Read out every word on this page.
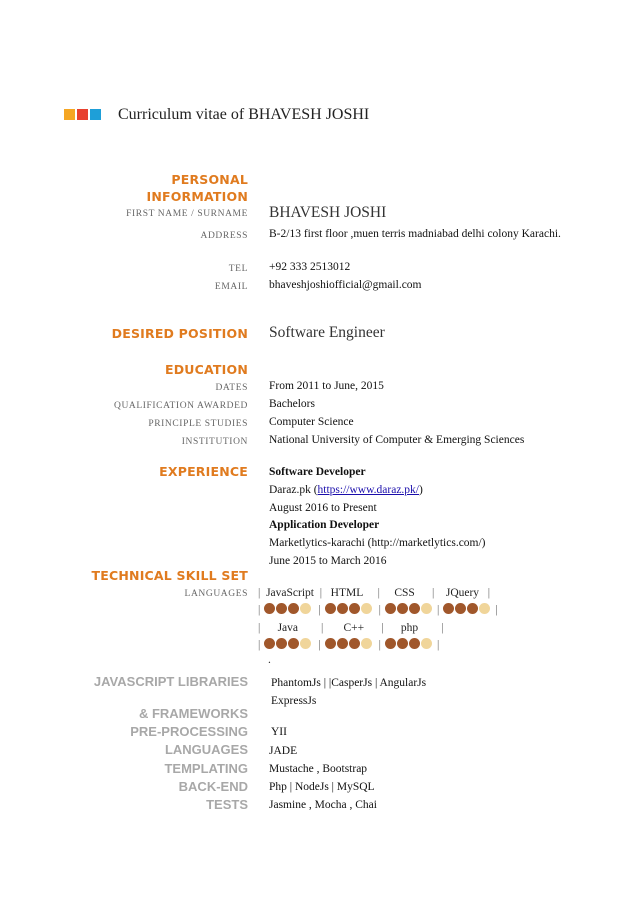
Curriculum vitae of BHAVESH JOSHI
PERSONAL
INFORMATION
FIRST NAME / SURNAME BHAVESH JOSHI
ADDRESS B-2/13 first floor ,muen terris madniabad delhi colony Karachi.
TEL +92 333 2513012
EMAIL bhaveshjoshiofficial@gmail.com
DESIRED POSITION Software Engineer
EDUCATION
DATES From 2011 to June, 2015
QUALIFICATION AWARDED Bachelors
PRINCIPLE STUDIES Computer Science
INSTITUTION National University of Computer & Emerging Sciences
EXPERIENCE Software Developer
Daraz.pk (https://www.daraz.pk/)
August 2016 to Present
Application Developer
Marketlytics-karachi (http://marketlytics.com/)
June 2015 to March 2016
TECHNICAL SKILL SET
LANGUAGES | JavaScript | HTML | CSS | JQuery |
|	|	|	|	|
| Java | C++ | php |
|	|	|	|
.
JAVASCRIPT LIBRARIES PhantomJs | |CasperJs | AngularJs
ExpressJs
& FRAMEWORKS
PRE-PROCESSING YII
LANGUAGES JADE
TEMPLATING Mustache , Bootstrap
BACK-END Php | NodeJs | MySQL
TESTS Jasmine , Mocha , Chai
